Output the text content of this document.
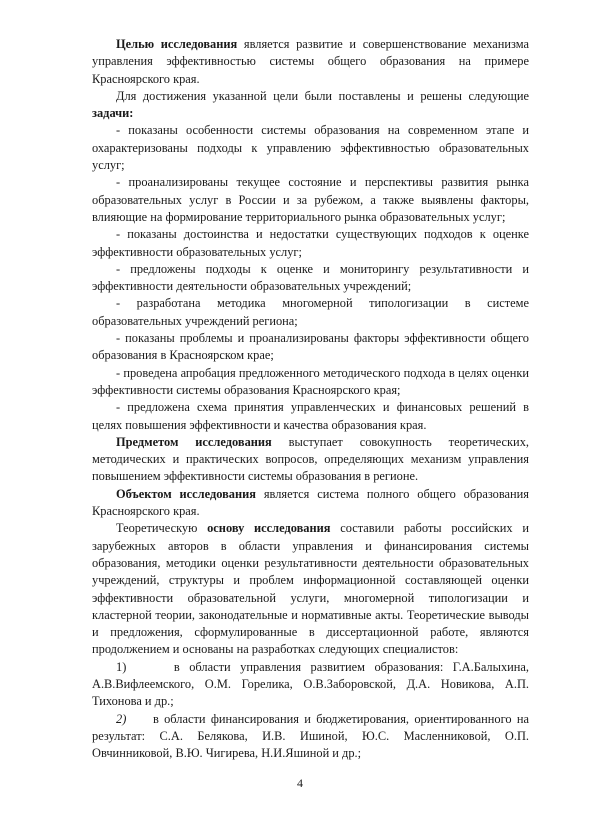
Целью исследования является развитие и совершенствование механизма управления эффективностью системы общего образования на примере Красноярского края.

Для достижения указанной цели были поставлены и решены следующие задачи:

- показаны особенности системы образования на современном этапе и охарактеризованы подходы к управлению эффективностью образовательных услуг;

- проанализированы текущее состояние и перспективы развития рынка образовательных услуг в России и за рубежом, а также выявлены факторы, влияющие на формирование территориального рынка образовательных услуг;

- показаны достоинства и недостатки существующих подходов к оценке эффективности образовательных услуг;

- предложены подходы к оценке и мониторингу результативности и эффективности деятельности образовательных учреждений;

- разработана методика многомерной типологизации в системе образовательных учреждений региона;

- показаны проблемы и проанализированы факторы эффективности общего образования в Красноярском крае;

- проведена апробация предложенного методического подхода в целях оценки эффективности системы образования Красноярского края;

- предложена схема принятия управленческих и финансовых решений в целях повышения эффективности и качества образования края.

Предметом исследования выступает совокупность теоретических, методических и практических вопросов, определяющих механизм управления повышением эффективности системы образования в регионе.

Объектом исследования является система полного общего образования Красноярского края.

Теоретическую основу исследования составили работы российских и зарубежных авторов в области управления и финансирования системы образования, методики оценки результативности деятельности образовательных учреждений, структуры и проблем информационной составляющей оценки эффективности образовательной услуги, многомерной типологизации и кластерной теории, законодательные и нормативные акты. Теоретические выводы и предложения, сформулированные в диссертационной работе, являются продолжением и основаны на разработках следующих специалистов:

1)	в области управления развитием образования: Г.А.Балыхина, А.В.Вифлеемского, О.М. Горелика, О.В.Заборовской, Д.А. Новикова, А.П. Тихонова и др.;

2) в области финансирования и бюджетирования, ориентированного на результат: С.А. Белякова, И.В. Ишиной, Ю.С. Масленниковой, О.П. Овчинниковой, В.Ю. Чигирева, Н.И.Яшиной и др.;

4
